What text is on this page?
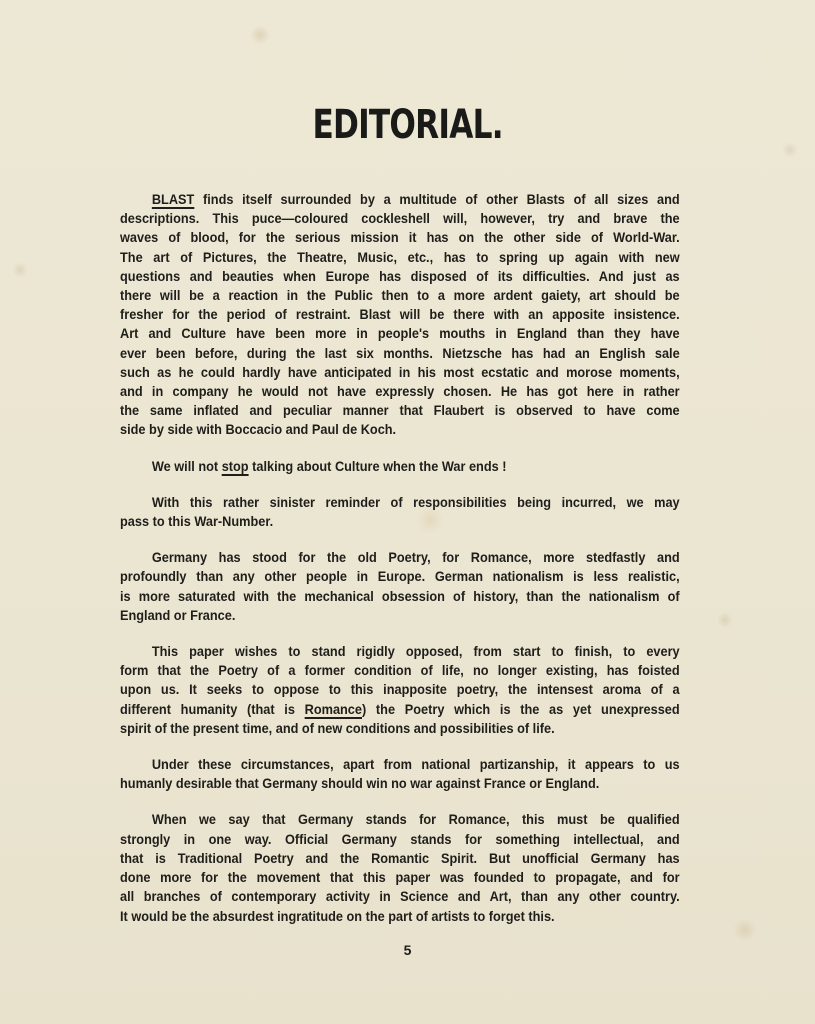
EDITORIAL.

BLAST finds itself surrounded by a multitude of other Blasts of all sizes and
descriptions. This puce—coloured cockleshell will, however, try and brave the
waves of blood, for the serious mission it has on the other side of World-War.
The art of Pictures, the Theatre, Music, etc., has to spring up again with new
questions and beauties when Europe has disposed of its difficulties. And just as
there will be a reaction in the Public then to a more ardent gaiety, art should be
fresher for the period of restraint. Blast will be there with an apposite insistence.
Art and Culture have been more in people's mouths in England than they have
ever been before, during the last six months. Nietzsche has had an English sale
such as he could hardly have anticipated in his most ecstatic and morose moments,
and in company he would not have expressly chosen. He has got here in rather
the same inflated and peculiar manner that Flaubert is observed to have come
side by side with Boccacio and Paul de Koch.

We will not stop talking about Culture when the War ends !

With this rather sinister reminder of responsibilities being incurred, we may
pass to this War-Number.

Germany has stood for the old Poetry, for Romance, more stedfastly and
profoundly than any other people in Europe. German nationalism is less realistic,
is more saturated with the mechanical obsession of history, than the nationalism of
England or France.

This paper wishes to stand rigidly opposed, from start to finish, to every
form that the Poetry of a former condition of life, no longer existing, has foisted
upon us. It seeks to oppose to this inapposite poetry, the intensest aroma of a
different humanity (that is Romance) the Poetry which is the as yet unexpressed
spirit of the present time, and of new conditions and possibilities of life.

Under these circumstances, apart from national partizanship, it appears to us
humanly desirable that Germany should win no war against France or England.

When we say that Germany stands for Romance, this must be qualified
strongly in one way. Official Germany stands for something intellectual, and
that is Traditional Poetry and the Romantic Spirit. But unofficial Germany has
done more for the movement that this paper was founded to propagate, and for
all branches of contemporary activity in Science and Art, than any other country.
It would be the absurdest ingratitude on the part of artists to forget this.

5
